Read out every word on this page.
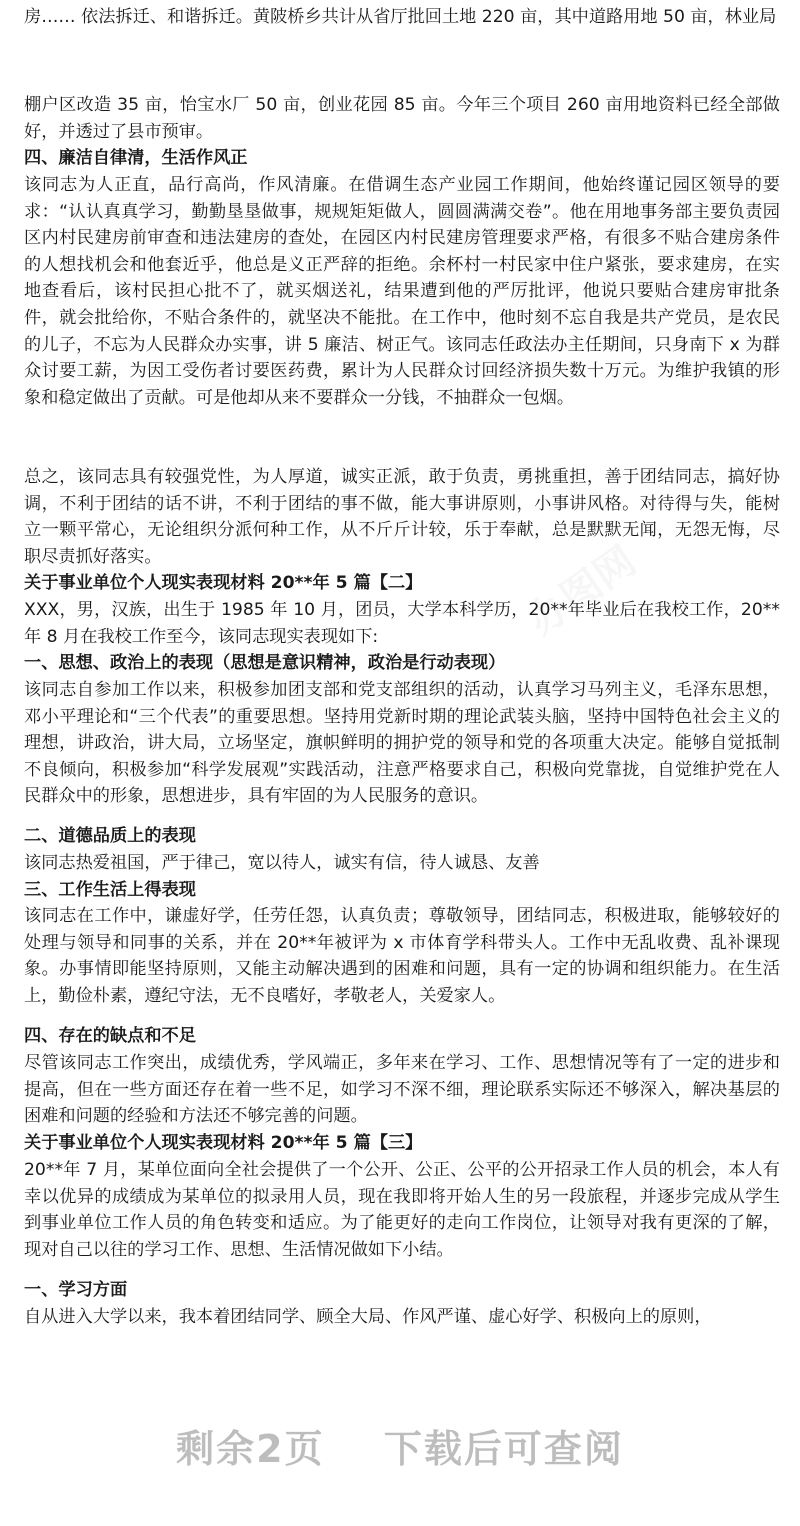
办图网

房…… 依法拆迁、和谐拆迁。黄陂桥乡共计从省厅批回土地 220 亩，其中道路用地 50 亩，林业局

棚户区改造 35 亩，怡宝水厂 50 亩，创业花园 85 亩。今年三个项目 260 亩用地资料已经全部做好，并透过了县市预审。

四、廉洁自律清，生活作风正

该同志为人正直，品行高尚，作风清廉。在借调生态产业园工作期间，他始终谨记园区领导的要求：“认认真真学习，勤勤垦垦做事，规规矩矩做人，圆圆满满交卷”。他在用地事务部主要负责园区内村民建房前审查和违法建房的查处，在园区内村民建房管理要求严格，有很多不贴合建房条件的人想找机会和他套近乎，他总是义正严辞的拒绝。余杯村一村民家中住户紧张，要求建房，在实地查看后，该村民担心批不了，就买烟送礼，结果遭到他的严厉批评，他说只要贴合建房审批条件，就会批给你，不贴合条件的，就坚决不能批。在工作中，他时刻不忘自我是共产党员，是农民的儿子，不忘为人民群众办实事，讲 5 廉洁、树正气。该同志任政法办主任期间，只身南下 x 为群众讨要工薪，为因工受伤者讨要医药费，累计为人民群众讨回经济损失数十万元。为维护我镇的形象和稳定做出了贡献。可是他却从来不要群众一分钱，不抽群众一包烟。

总之，该同志具有较强党性，为人厚道，诚实正派，敢于负责，勇挑重担，善于团结同志，搞好协调，不利于团结的话不讲，不利于团结的事不做，能大事讲原则，小事讲风格。对待得与失，能树立一颗平常心，无论组织分派何种工作，从不斤斤计较，乐于奉献，总是默默无闻，无怨无悔，尽职尽责抓好落实。

关于事业单位个人现实表现材料 20**年 5 篇【二】

XXX，男，汉族，出生于 1985 年 10 月，团员，大学本科学历，20**年毕业后在我校工作，20**年 8 月在我校工作至今，该同志现实表现如下:

一、思想、政治上的表现（思想是意识精神，政治是行动表现）

该同志自参加工作以来，积极参加团支部和党支部组织的活动，认真学习马列主义，毛泽东思想，邓小平理论和“三个代表”的重要思想。坚持用党新时期的理论武装头脑，坚持中国特色社会主义的理想，讲政治，讲大局，立场坚定，旗帜鲜明的拥护党的领导和党的各项重大决定。能够自觉抵制不良倾向，积极参加“科学发展观”实践活动，注意严格要求自己，积极向党靠拢，自觉维护党在人民群众中的形象，思想进步，具有牢固的为人民服务的意识。

二、道德品质上的表现

该同志热爱祖国，严于律己，宽以待人，诚实有信，待人诚恳、友善

三、工作生活上得表现

该同志在工作中，谦虚好学，任劳任怨，认真负责；尊敬领导，团结同志，积极进取，能够较好的处理与领导和同事的关系，并在 20**年被评为 x 市体育学科带头人。工作中无乱收费、乱补课现象。办事情即能坚持原则，又能主动解决遇到的困难和问题，具有一定的协调和组织能力。在生活上，勤俭朴素，遵纪守法，无不良嗜好，孝敬老人，关爱家人。

四、存在的缺点和不足

尽管该同志工作突出，成绩优秀，学风端正，多年来在学习、工作、思想情况等有了一定的进步和提高，但在一些方面还存在着一些不足，如学习不深不细，理论联系实际还不够深入，解决基层的困难和问题的经验和方法还不够完善的问题。

关于事业单位个人现实表现材料 20**年 5 篇【三】

20**年 7 月，某单位面向全社会提供了一个公开、公正、公平的公开招录工作人员的机会，本人有幸以优异的成绩成为某单位的拟录用人员，现在我即将开始人生的另一段旅程，并逐步完成从学生到事业单位工作人员的角色转变和适应。为了能更好的走向工作岗位，让领导对我有更深的了解，现对自己以往的学习工作、思想、生活情况做如下小结。

一、学习方面

自从进入大学以来，我本着团结同学、顾全大局、作风严谨、虚心好学、积极向上的原则，

剩余2页 下载后可查阅
